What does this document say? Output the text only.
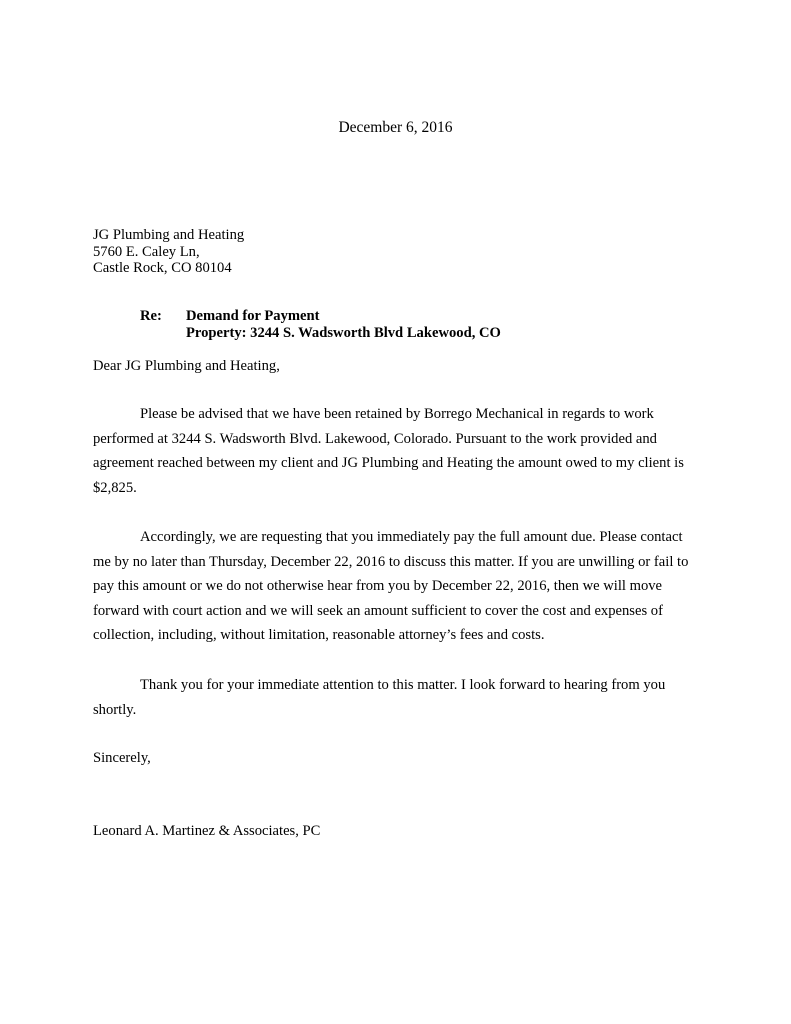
December 6, 2016
JG Plumbing and Heating
5760 E. Caley Ln,
Castle Rock, CO 80104
Re:	Demand for Payment
Property: 3244 S. Wadsworth Blvd Lakewood, CO
Dear JG Plumbing and Heating,

Please be advised that we have been retained by Borrego Mechanical in regards to work performed at 3244 S. Wadsworth Blvd. Lakewood, Colorado. Pursuant to the work provided and agreement reached between my client and JG Plumbing and Heating the amount owed to my client is $2,825.

Accordingly, we are requesting that you immediately pay the full amount due. Please contact me by no later than Thursday, December 22, 2016 to discuss this matter. If you are unwilling or fail to pay this amount or we do not otherwise hear from you by December 22, 2016, then we will move forward with court action and we will seek an amount sufficient to cover the cost and expenses of collection, including, without limitation, reasonable attorney’s fees and costs.

Thank you for your immediate attention to this matter. I look forward to hearing from you shortly.

Sincerely,
Leonard A. Martinez & Associates, PC
